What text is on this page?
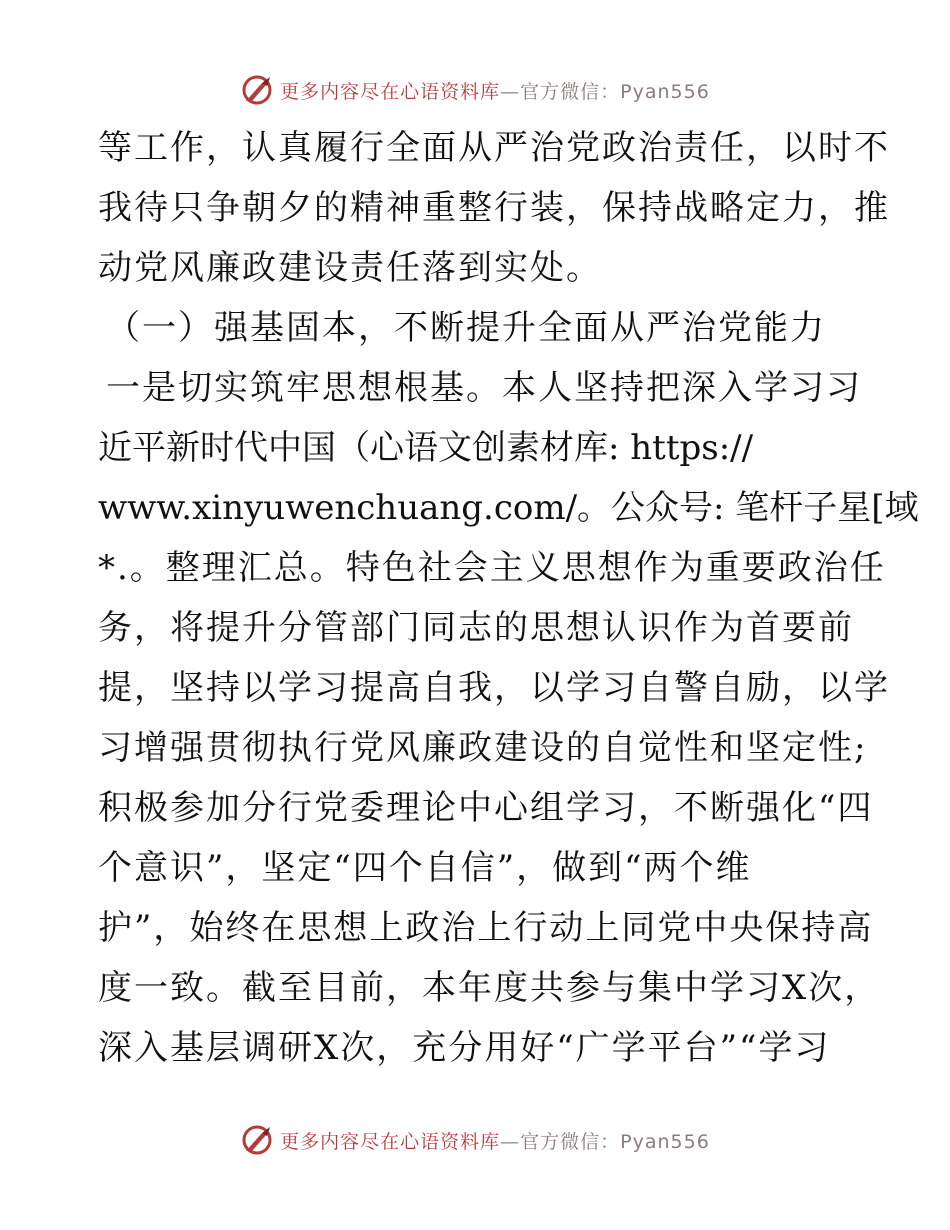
更多内容尽在心语资料库—官方微信：Pyan556
等工作，认真履行全面从严治党政治责任，以时不
我待只争朝夕的精神重整行装，保持战略定力，推
动党风廉政建设责任落到实处。
（一）强基固本，不断提升全面从严治党能力
一是切实筑牢思想根基。本人坚持把深入学习习
近平新时代中国（心语文创素材库: https://
www.xinyuwenchuang.com/。公众号: 笔杆子星[域
*.。整理汇总。特色社会主义思想作为重要政治任
务，将提升分管部门同志的思想认识作为首要前
提，坚持以学习提高自我，以学习自警自励，以学
习增强贯彻执行党风廉政建设的自觉性和坚定性;
积极参加分行党委理论中心组学习，不断强化“四
个意识”，坚定“四个自信”，做到“两个维
护”，始终在思想上政治上行动上同党中央保持高
度一致。截至目前，本年度共参与集中学习X次，
深入基层调研X次，充分用好“广学平台”“学习
更多内容尽在心语资料库—官方微信：Pyan556
